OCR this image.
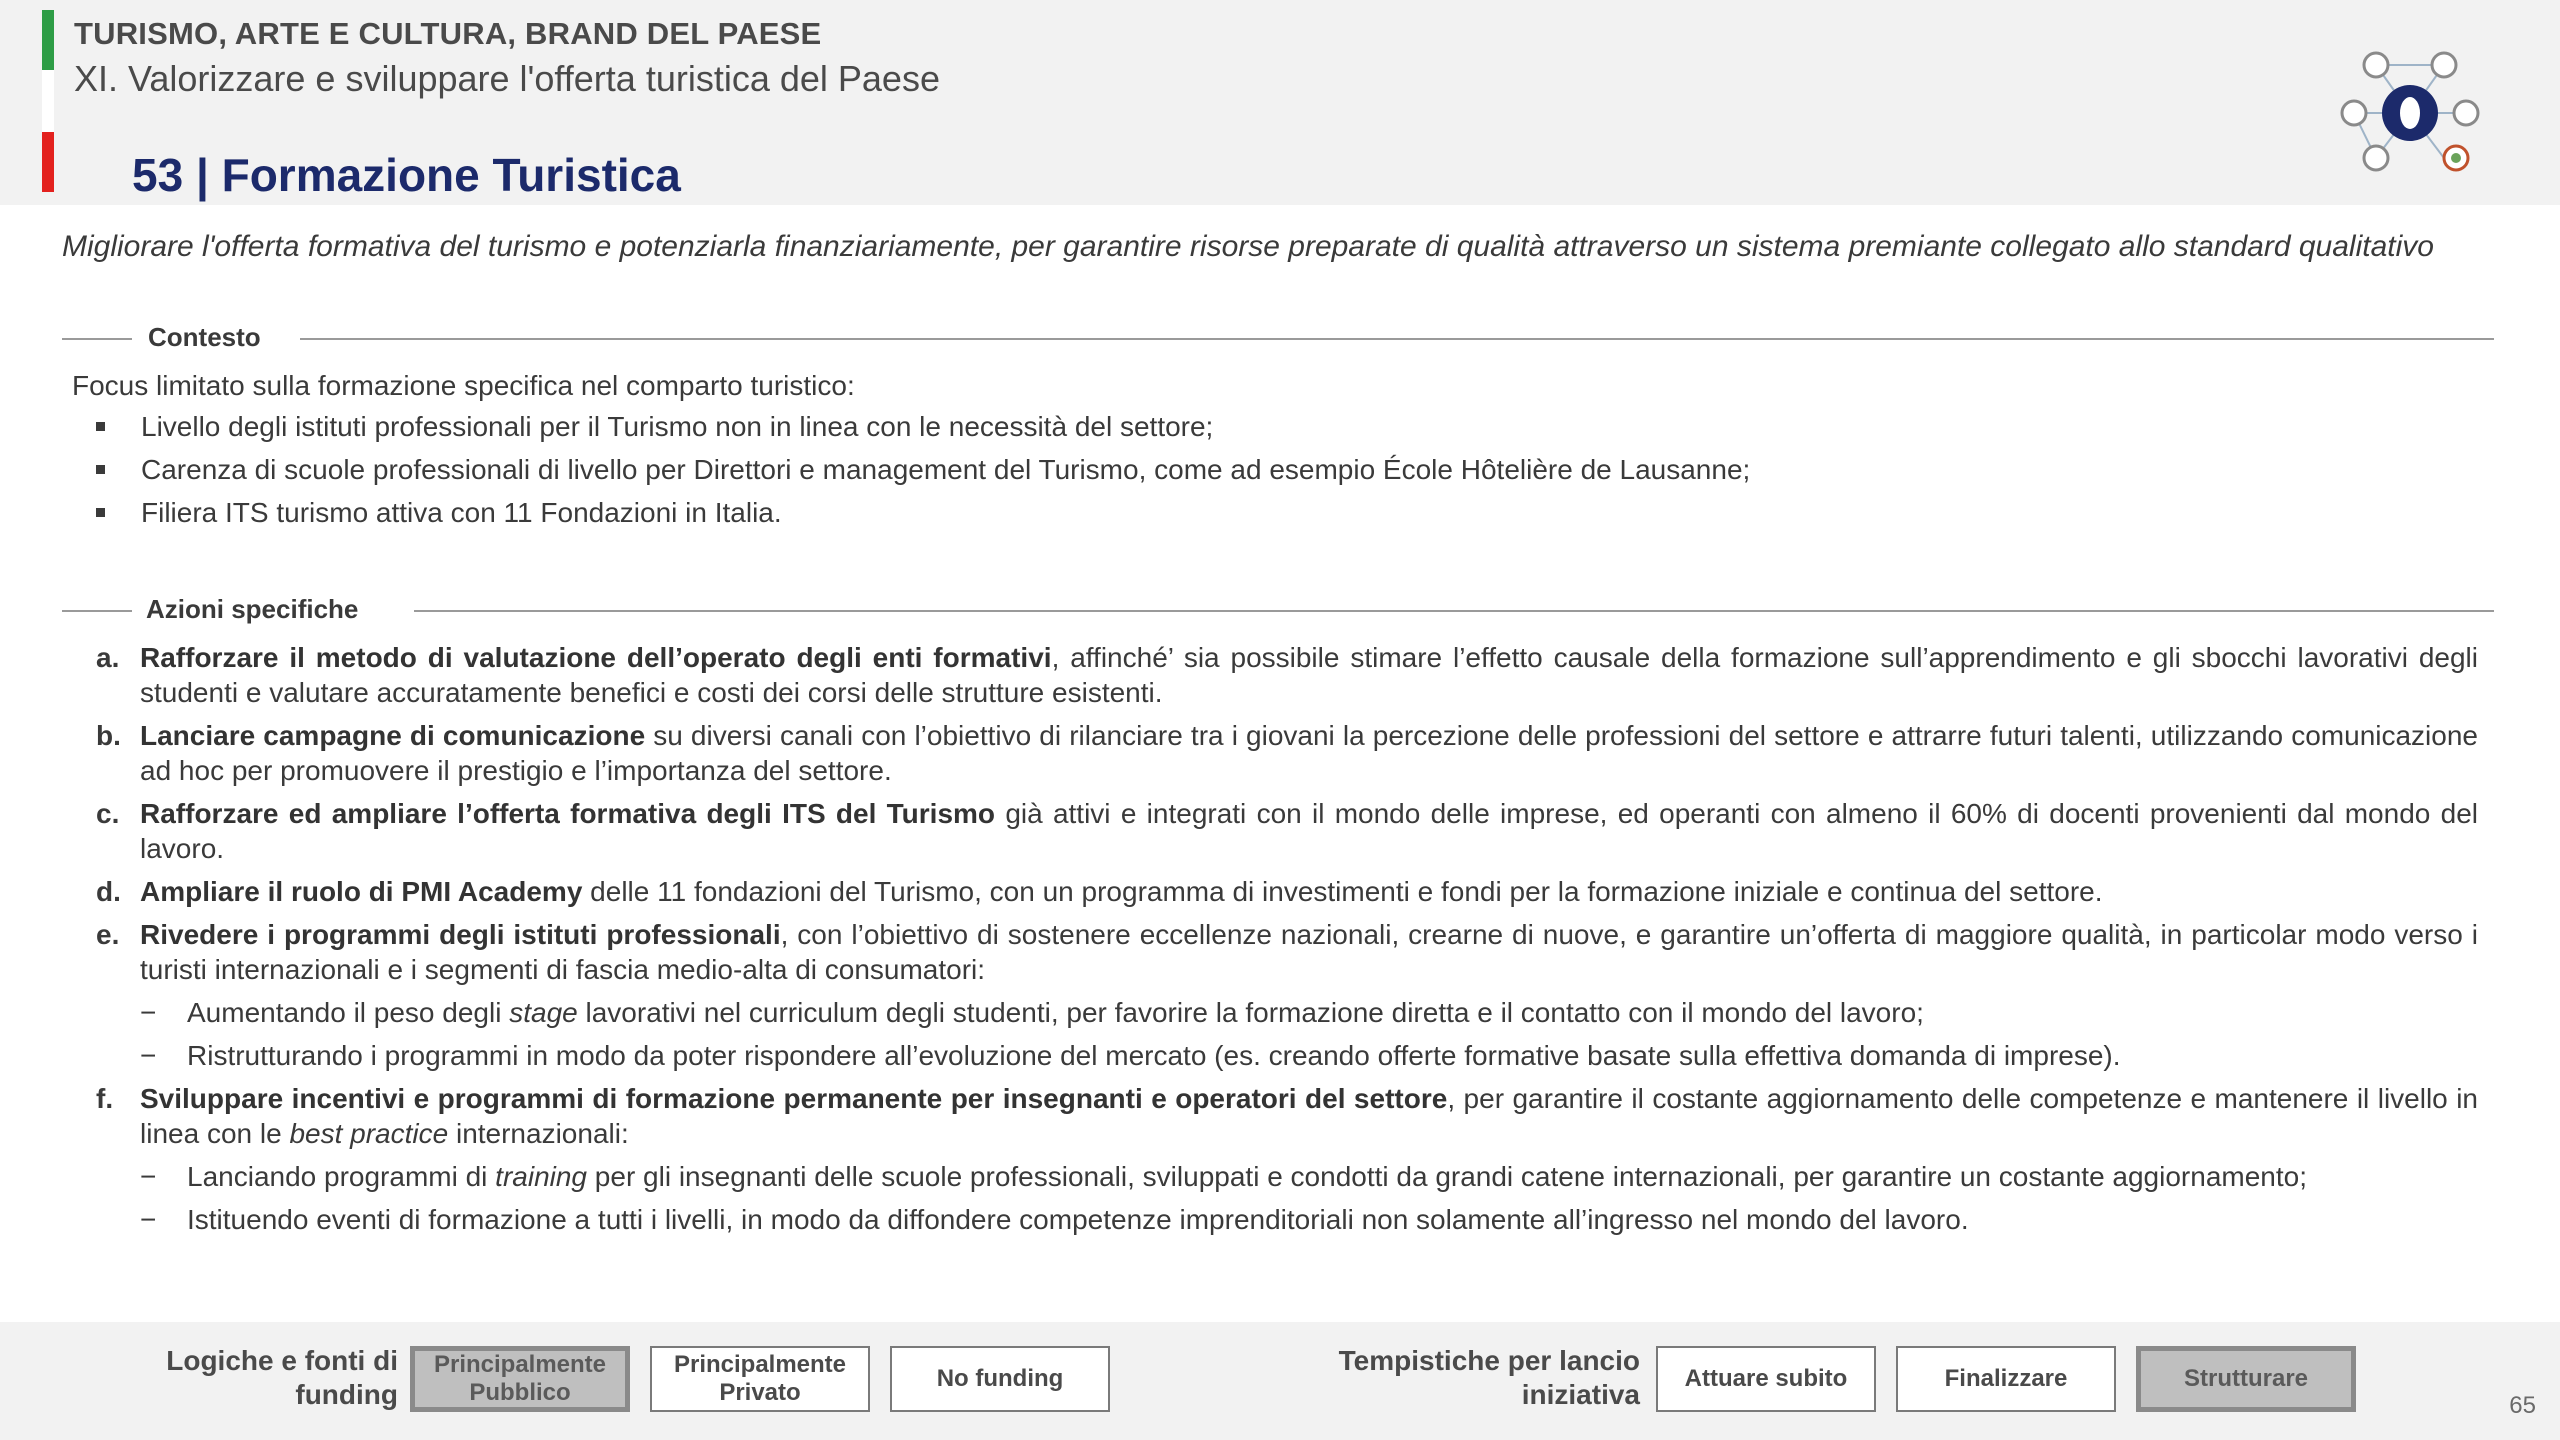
TURISMO, ARTE E CULTURA, BRAND DEL PAESE
XI. Valorizzare e sviluppare l'offerta turistica del Paese
53 | Formazione Turistica
Migliorare l'offerta formativa del turismo e potenziarla finanziariamente, per garantire risorse preparate di qualità attraverso un sistema premiante collegato allo standard qualitativo
Contesto
Focus limitato sulla formazione specifica nel comparto turistico:
Livello degli istituti professionali per il Turismo non in linea con le necessità del settore;
Carenza di scuole professionali di livello per Direttori e management del Turismo, come ad esempio École Hôtelière de Lausanne;
Filiera ITS turismo attiva con 11 Fondazioni in Italia.
Azioni specifiche
a. Rafforzare il metodo di valutazione dell’operato degli enti formativi, affinché’ sia possibile stimare l’effetto causale della formazione sull’apprendimento e gli sbocchi lavorativi degli studenti e valutare accuratamente benefici e costi dei corsi delle strutture esistenti.
b. Lanciare campagne di comunicazione su diversi canali con l’obiettivo di rilanciare tra i giovani la percezione delle professioni del settore e attrarre futuri talenti, utilizzando comunicazione ad hoc per promuovere il prestigio e l’importanza del settore.
c. Rafforzare ed ampliare l’offerta formativa degli ITS del Turismo già attivi e integrati con il mondo delle imprese, ed operanti con almeno il 60% di docenti provenienti dal mondo del lavoro.
d. Ampliare il ruolo di PMI Academy delle 11 fondazioni del Turismo, con un programma di investimenti e fondi per la formazione iniziale e continua del settore.
e. Rivedere i programmi degli istituti professionali, con l’obiettivo di sostenere eccellenze nazionali, crearne di nuove, e garantire un’offerta di maggiore qualità, in particolar modo verso i turisti internazionali e i segmenti di fascia medio-alta di consumatori:
− Aumentando il peso degli stage lavorativi nel curriculum degli studenti, per favorire la formazione diretta e il contatto con il mondo del lavoro;
− Ristrutturando i programmi in modo da poter rispondere all’evoluzione del mercato (es. creando offerte formative basate sulla effettiva domanda di imprese).
f. Sviluppare incentivi e programmi di formazione permanente per insegnanti e operatori del settore, per garantire il costante aggiornamento delle competenze e mantenere il livello in linea con le best practice internazionali:
− Lanciando programmi di training per gli insegnanti delle scuole professionali, sviluppati e condotti da grandi catene internazionali, per garantire un costante aggiornamento;
− Istituendo eventi di formazione a tutti i livelli, in modo da diffondere competenze imprenditoriali non solamente all’ingresso nel mondo del lavoro.
Logiche e fonti di
funding
Principalmente
Pubblico
Principalmente
Privato
No funding
Tempistiche per lancio
iniziativa
Attuare subito	Finalizzare	Strutturare
65
